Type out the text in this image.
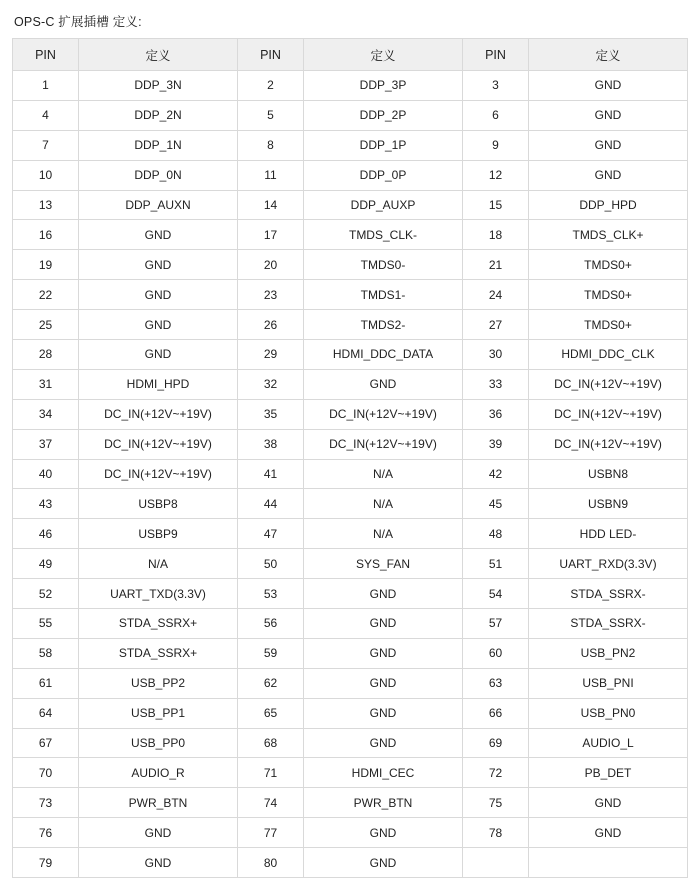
OPS-C 扩展插槽 定义:
PIN	定义	PIN	定义	PIN	定义
1	DDP_3N	2	DDP_3P	3	GND
4	DDP_2N	5	DDP_2P	6	GND
7	DDP_1N	8	DDP_1P	9	GND
10	DDP_0N	11	DDP_0P	12	GND
13	DDP_AUXN	14	DDP_AUXP	15	DDP_HPD
16	GND	17	TMDS_CLK-	18	TMDS_CLK+
19	GND	20	TMDS0-	21	TMDS0+
22	GND	23	TMDS1-	24	TMDS0+
25	GND	26	TMDS2-	27	TMDS0+
28	GND	29	HDMI_DDC_DATA	30	HDMI_DDC_CLK
31	HDMI_HPD	32	GND	33	DC_IN(+12V~+19V)
34	DC_IN(+12V~+19V)	35	DC_IN(+12V~+19V)	36	DC_IN(+12V~+19V)
37	DC_IN(+12V~+19V)	38	DC_IN(+12V~+19V)	39	DC_IN(+12V~+19V)
40	DC_IN(+12V~+19V)	41	N/A	42	USBN8
43	USBP8	44	N/A	45	USBN9
46	USBP9	47	N/A	48	HDD LED-
49	N/A	50	SYS_FAN	51	UART_RXD(3.3V)
52	UART_TXD(3.3V)	53	GND	54	STDA_SSRX-
55	STDA_SSRX+	56	GND	57	STDA_SSRX-
58	STDA_SSRX+	59	GND	60	USB_PN2
61	USB_PP2	62	GND	63	USB_PNI
64	USB_PP1	65	GND	66	USB_PN0
67	USB_PP0	68	GND	69	AUDIO_L
70	AUDIO_R	71	HDMI_CEC	72	PB_DET
73	PWR_BTN	74	PWR_BTN	75	GND
76	GND	77	GND	78	GND
79	GND	80	GND		
